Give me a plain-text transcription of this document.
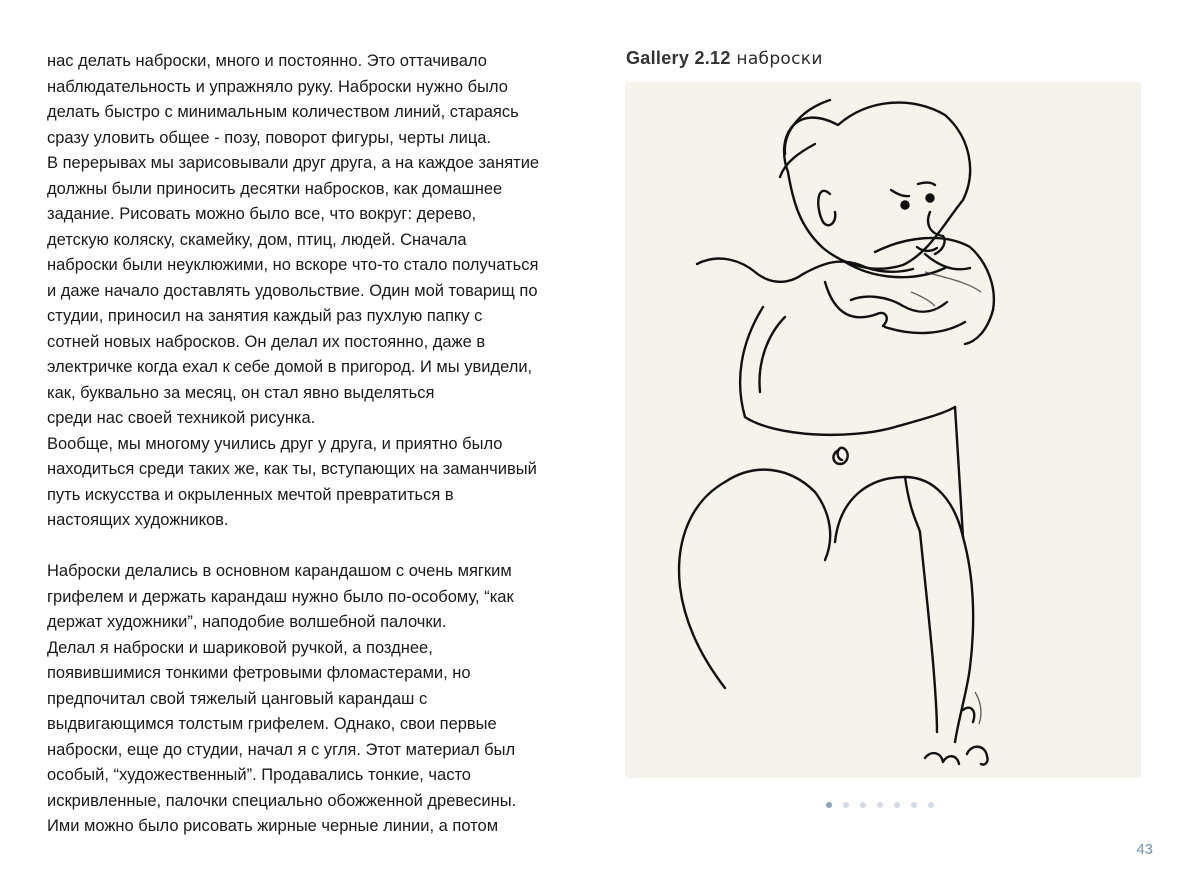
нас делать наброски, много и постоянно. Это оттачивало

наблюдательность и упражняло руку. Наброски нужно было

делать быстро с минимальным количеством линий, стараясь

сразу уловить общее - позу, поворот фигуры, черты лица.

В перерывах мы зарисовывали друг друга, а на каждое занятие

должны были приносить десятки набросков, как домашнее

задание. Рисовать можно было все, что вокруг: дерево,

детскую коляску, скамейку, дом, птиц, людей. Сначала

наброски были неуклюжими, но вскоре что-то стало получаться

и даже начало доставлять удовольствие. Один мой товарищ по

студии, приносил на занятия каждый раз пухлую папку с

сотней новых набросков. Он делал их постоянно, даже в

электричке когда ехал к себе домой в пригород. И мы увидели,

как, буквально за месяц, он стал явно выделяться

среди нас своей техникой рисунка.

Вообще, мы многому учились друг у друга, и приятно было

находиться среди таких же, как ты, вступающих на заманчивый

путь искусства и окрыленных мечтой превратиться в

настоящих художников.

Наброски делались в основном карандашом с очень мягким

грифелем и держать карандаш нужно было по-особому, “как

держат художники”, наподобие волшебной палочки.

Делал я наброски и шариковой ручкой, а позднее,

появившимися тонкими фетровыми фломастерами, но

предпочитал свой тяжелый цанговый карандаш с

выдвигающимся толстым грифелем. Однако, свои первые

наброски, еще до студии, начал я с угля. Этот материал был

особый, “художественный”. Продавались тонкие, часто

искривленные, палочки специально обожженной древесины.

Ими можно было рисовать жирные черные линии, а потом

Gallery 2.12 наброски
43
